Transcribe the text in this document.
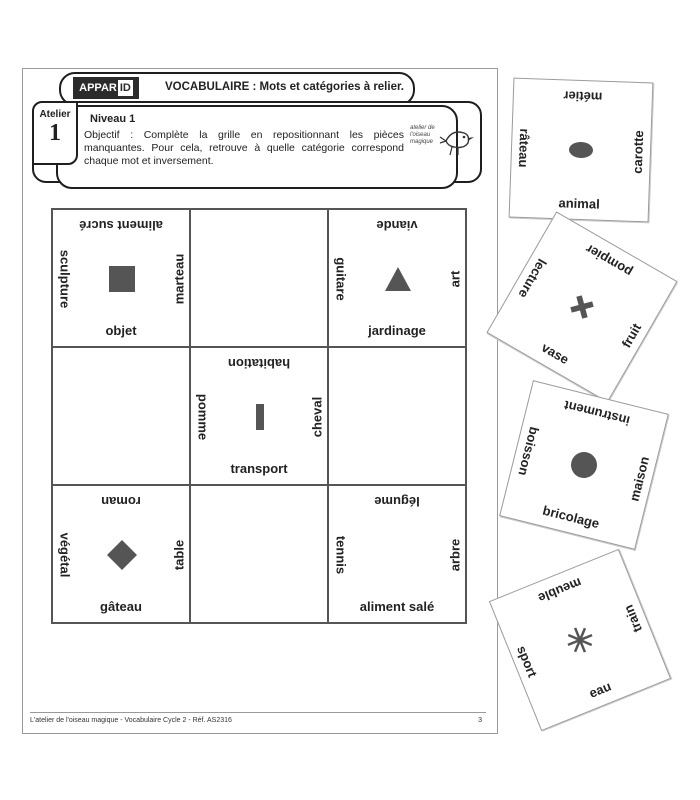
APPAR ID	VOCABULAIRE : Mots et catégories à relier.
Niveau 1
Objectif : Complète la grille en repositionnant les pièces manquantes. Pour cela, retrouve à quelle catégorie correspond chaque mot et inversement.
atelier de l'oiseau magique
Atelier
1
aliment sucré
sculpture	marteau
objet
viande
guitare	art
jardinage
habitation
pomme	cheval
transport
roman
végétal	table
gâteau
légume
tennis	arbre
aliment salé
métier
râteau	carotte
animal
pompier
lecture
fruit
vase
instrument
boisson
maison
bricolage
meuble
sport
train
eau
L'atelier de l'oiseau magique - Vocabulaire Cycle 2 - Réf. AS2316	3
